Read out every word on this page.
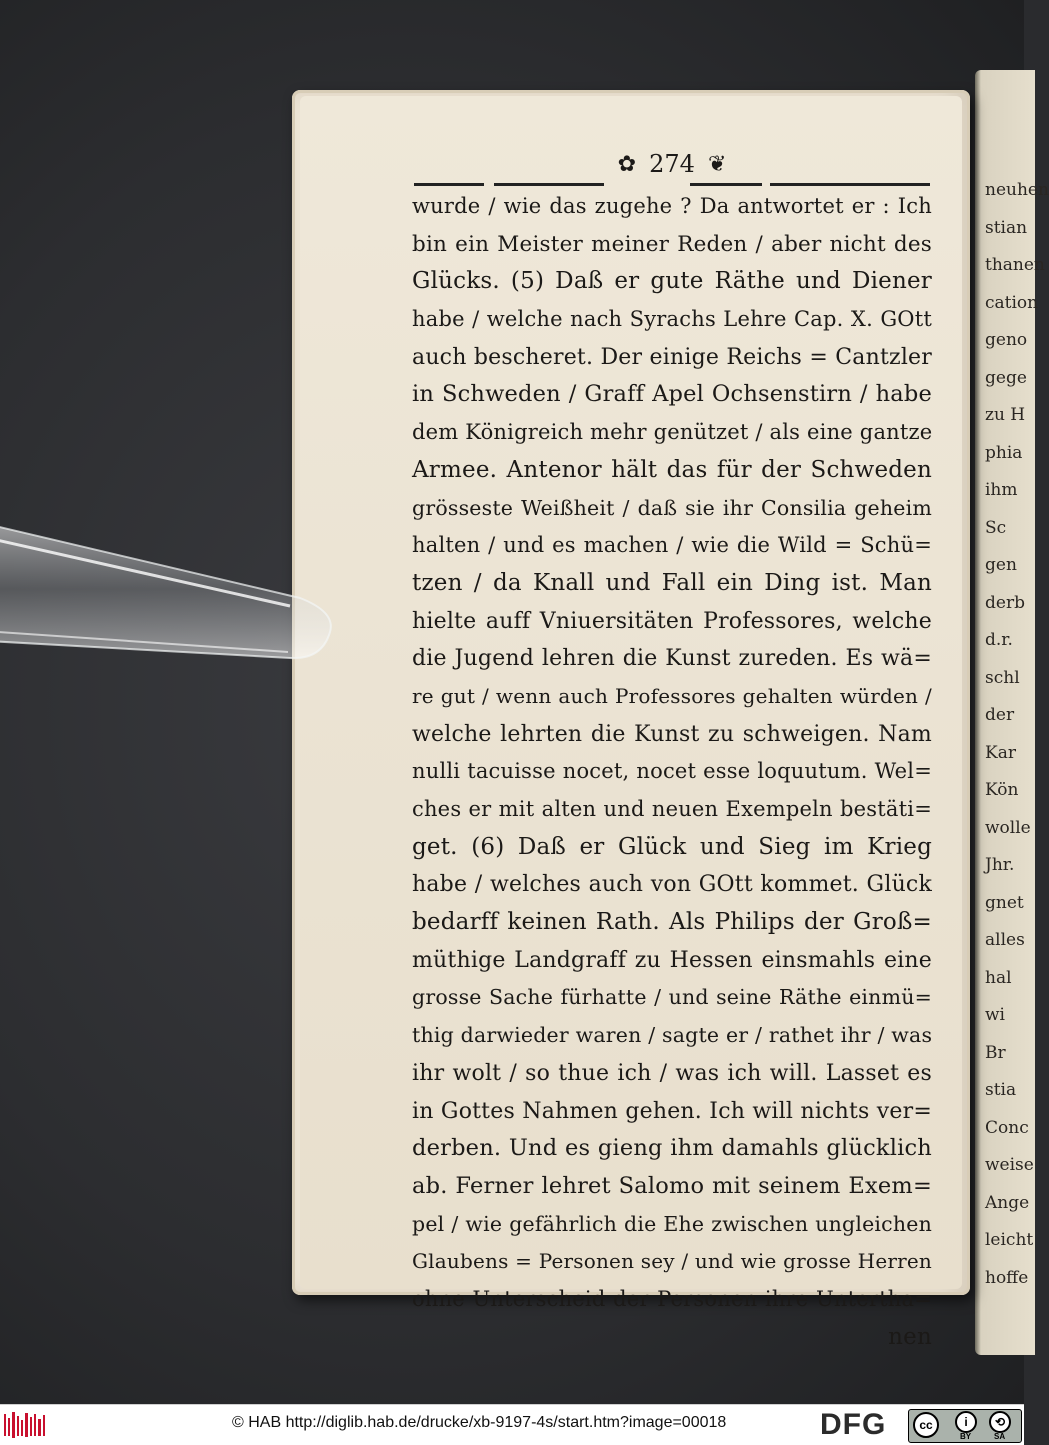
neuhen
stian
thanen
cation
geno
gege
zu H
phia
ihm
Sc
gen
derb
d.r.
schl
der
Kar
Kön
wolle
Jhr.
gnet
alles
hal
wi
Br
stia
Conc
weise
Ange
leicht
hoffe
✿ 274 ❦
wurde / wie das zugehe ? Da antwortet er : Ich
bin ein Meister meiner Reden / aber nicht des
Glücks. (5) Daß er gute Räthe und Diener
habe / welche nach Syrachs Lehre Cap. X. GOtt
auch bescheret. Der einige Reichs = Cantzler
in Schweden / Graff Apel Ochsenstirn / habe
dem Königreich mehr genützet / als eine gantze
Armee. Antenor hält das für der Schweden
grösseste Weißheit / daß sie ihr Consilia geheim
halten / und es machen / wie die Wild = Schü=
tzen / da Knall und Fall ein Ding ist. Man
hielte auff Vniuersitäten Professores, welche
die Jugend lehren die Kunst zureden. Es wä=
re gut / wenn auch Professores gehalten würden /
welche lehrten die Kunst zu schweigen. Nam
nulli tacuisse nocet, nocet esse loquutum. Wel=
ches er mit alten und neuen Exempeln bestäti=
get. (6) Daß er Glück und Sieg im Krieg
habe / welches auch von GOtt kommet. Glück
bedarff keinen Rath. Als Philips der Groß=
müthige Landgraff zu Hessen einsmahls eine
grosse Sache fürhatte / und seine Räthe einmü=
thig darwieder waren / sagte er / rathet ihr / was
ihr wolt / so thue ich / was ich will. Lasset es
in Gottes Nahmen gehen. Ich will nichts ver=
derben. Und es gieng ihm damahls glücklich
ab. Ferner lehret Salomo mit seinem Exem=
pel / wie gefährlich die Ehe zwischen ungleichen
Glaubens = Personen sey / und wie grosse Herren
ohne Unterscheid der Personen ihre Untertha=
nen
© HAB http://diglib.hab.de/drucke/xb-9197-4s/start.htm?image=00018	DFG	cc	i	⟲
BY	SA
